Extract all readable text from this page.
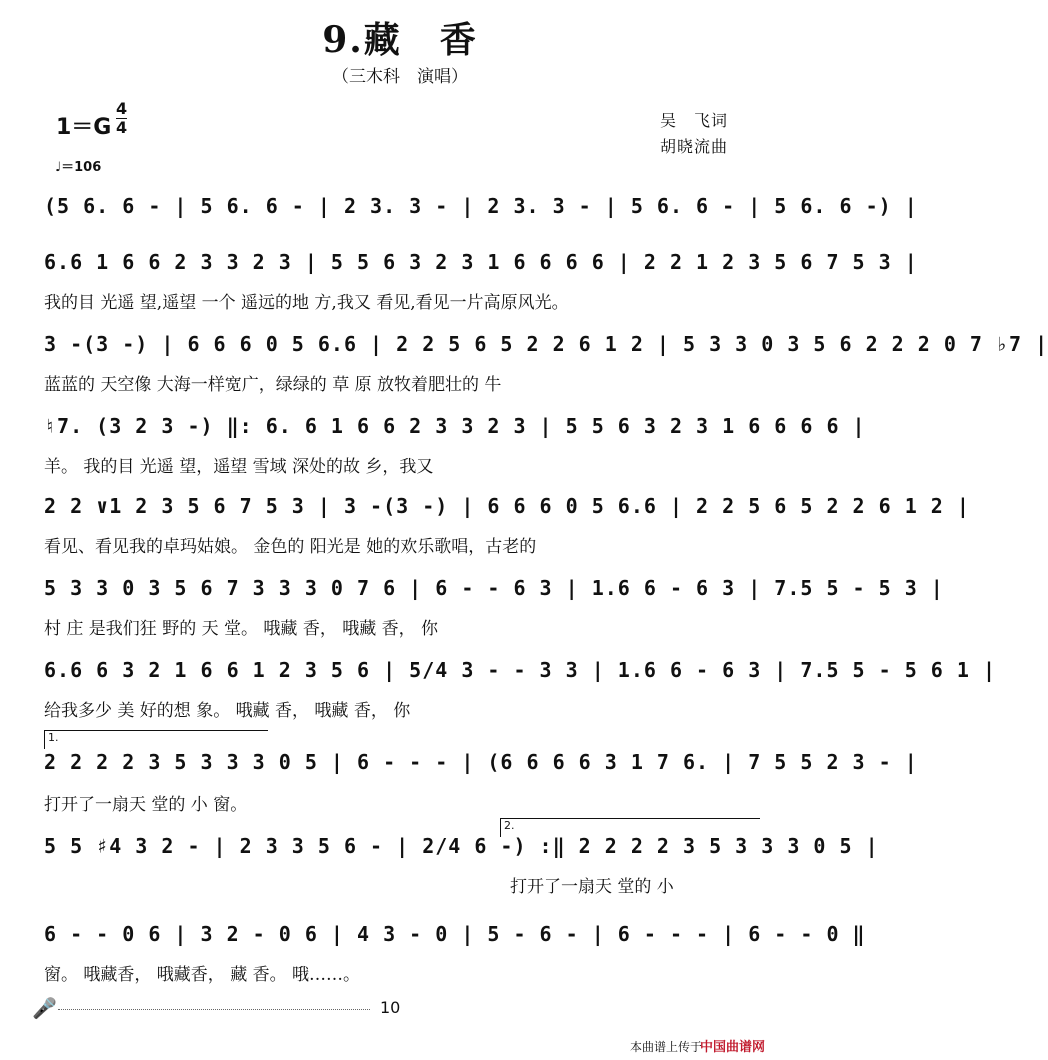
9.藏　香
（三木科　演唱）
1＝G
4
4
♩＝106
吴　飞词
胡晓流曲
(5 6. 6 - | 5 6. 6 - | 2 3. 3 - | 2 3. 3 - | 5 6. 6 - | 5 6. 6 -) |
6.6 1 6 6 2 3 3 2 3 | 5 5 6 3 2 3 1 6 6 6 6 | 2 2 1 2 3 5 6 7 5 3 |
我的目 光遥 望,遥望 一个 遥远的地 方,我又 看见,看见一片高原风光。
3 -(3 -) | 6 6 6 0 5 6.6 | 2 2 5 6 5 2 2 6 1 2 | 5 3 3 0 3 5 6 2 2 2 0 7 ♭7 |
蓝蓝的 天空像 大海一样宽广，绿绿的 草 原 放牧着肥壮的 牛
♮7. (3 2 3 -) ‖: 6. 6 1 6 6 2 3 3 2 3 | 5 5 6 3 2 3 1 6 6 6 6 |
羊。 我的目 光遥 望，遥望 雪域 深处的故 乡，我又
2 2 ∨1 2 3 5 6 7 5 3 | 3 -(3 -) | 6 6 6 0 5 6.6 | 2 2 5 6 5 2 2 6 1 2 |
看见、看见我的卓玛姑娘。 金色的 阳光是 她的欢乐歌唱，古老的
5 3 3 0 3 5 6 7 3 3 3 0 7 6 | 6 - - 6 3 | 1.6 6 - 6 3 | 7.5 5 - 5 3 |
村 庄 是我们狂 野的 天 堂。 哦藏 香， 哦藏 香， 你
6.6 6 3 2 1 6 6 1 2 3 5 6 | 5/4 3 - - 3 3 | 1.6 6 - 6 3 | 7.5 5 - 5 6 1 |
给我多少 美 好的想 象。 哦藏 香， 哦藏 香， 你
1.
2 2 2 2 3 5 3 3 3 0 5 | 6 - - - | (6 6 6 6 3 1 7 6. | 7 5 5 2 3 - |
打开了一扇天 堂的 小 窗。
2.
5 5 ♯4 3 2 - | 2 3 3 5 6 - | 2/4 6 -) :‖ 2 2 2 2 3 5 3 3 3 0 5 |
打开了一扇天 堂的 小
6 - - 0 6 | 3 2 - 0 6 | 4 3 - 0 | 5 - 6 - | 6 - - - | 6 - - 0 ‖
窗。 哦藏香， 哦藏香， 藏 香。 哦……。
🎤	10
本曲谱上传于
中国曲谱网
